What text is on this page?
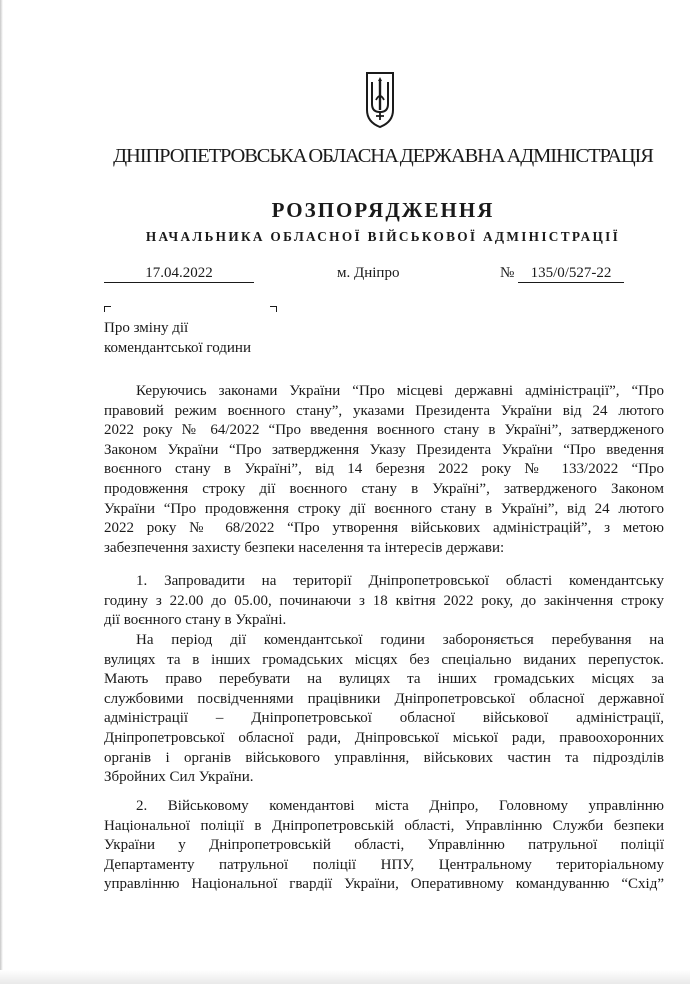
ДНІПРОПЕТРОВСЬКА ОБЛАСНА ДЕРЖАВНА АДМІНІСТРАЦІЯ
РОЗПОРЯДЖЕННЯ
НАЧАЛЬНИКА ОБЛАСНОЇ ВІЙСЬКОВОЇ АДМІНІСТРАЦІЇ
17.04.2022	м. Дніпро	№	135/0/527-22
Про зміну дії
комендантської години
Керуючись законами України “Про місцеві державні адміністрації”, “Про
правовий режим воєнного стану”, указами Президента України від 24 лютого
2022 року № 64/2022 “Про введення воєнного стану в Україні”, затвердженого
Законом України “Про затвердження Указу Президента України “Про введення
воєнного стану в Україні”, від 14 березня 2022 року № 133/2022 “Про
продовження строку дії воєнного стану в Україні”, затвердженого Законом
України “Про продовження строку дії воєнного стану в Україні”, від 24 лютого
2022 року № 68/2022 “Про утворення військових адміністрацій”, з метою
забезпечення захисту безпеки населення та інтересів держави:
1. Запровадити на території Дніпропетровської області комендантську
годину з 22.00 до 05.00, починаючи з 18 квітня 2022 року, до закінчення строку
дії воєнного стану в Україні.
На період дії комендантської години забороняється перебування на
вулицях та в інших громадських місцях без спеціально виданих перепусток.
Мають право перебувати на вулицях та інших громадських місцях за
службовими посвідченнями працівники Дніпропетровської обласної державної
адміністрації – Дніпропетровської обласної військової адміністрації,
Дніпропетровської обласної ради, Дніпровської міської ради, правоохоронних
органів і органів військового управління, військових частин та підрозділів
Збройних Сил України.
2. Військовому комендантові міста Дніпро, Головному управлінню
Національної поліції в Дніпропетровській області, Управлінню Служби безпеки
України у Дніпропетровській області, Управлінню патрульної поліції
Департаменту патрульної поліції НПУ, Центральному територіальному
управлінню Національної гвардії України, Оперативному командуванню “Схід”
